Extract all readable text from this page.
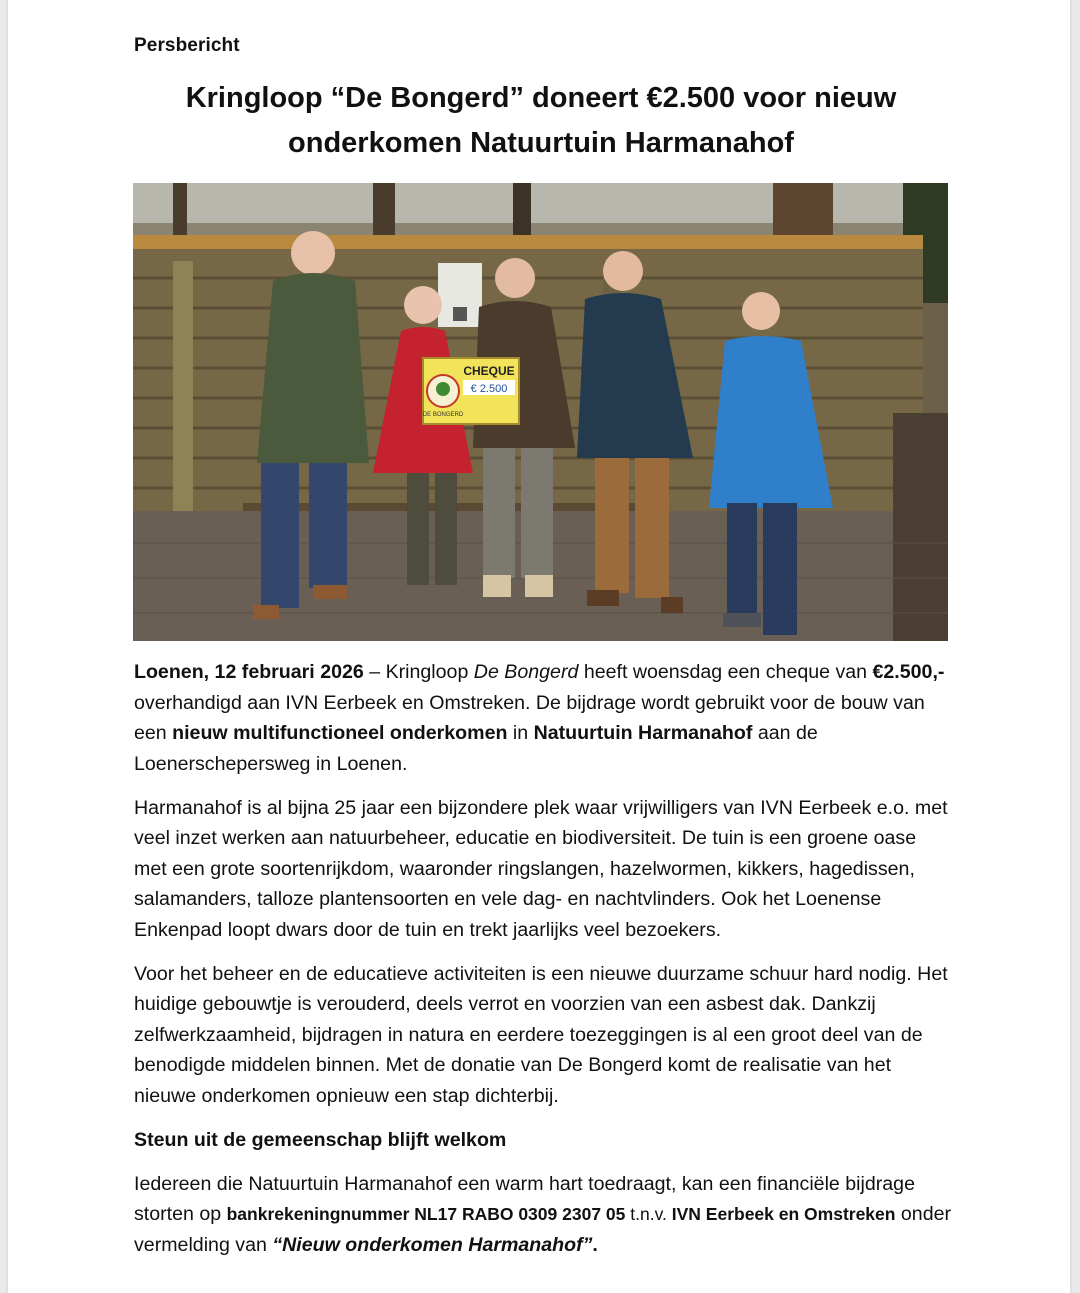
Persbericht
Kringloop “De Bongerd” doneert €2.500 voor nieuw onderkomen Natuurtuin Harmanahof
CHEQUE
€ 2.500
DE BONGERD

Loenen, 12 februari 2026 – Kringloop De Bongerd heeft woensdag een cheque van €2.500,- overhandigd aan IVN Eerbeek en Omstreken. De bijdrage wordt gebruikt voor de bouw van een nieuw multifunctioneel onderkomen in Natuurtuin Harmanahof aan de Loenerschepersweg in Loenen.

Harmanahof is al bijna 25 jaar een bijzondere plek waar vrijwilligers van IVN Eerbeek e.o. met veel inzet werken aan natuurbeheer, educatie en biodiversiteit. De tuin is een groene oase met een grote soortenrijkdom, waaronder ringslangen, hazelwormen, kikkers, hagedissen, salamanders, talloze plantensoorten en vele dag- en nachtvlinders. Ook het Loenense Enkenpad loopt dwars door de tuin en trekt jaarlijks veel bezoekers.

Voor het beheer en de educatieve activiteiten is een nieuwe duurzame schuur hard nodig. Het huidige gebouwtje is verouderd, deels verrot en voorzien van een asbest dak. Dankzij zelfwerkzaamheid, bijdragen in natura en eerdere toezeggingen is al een groot deel van de benodigde middelen binnen. Met de donatie van De Bongerd komt de realisatie van het nieuwe onderkomen opnieuw een stap dichterbij.

Steun uit de gemeenschap blijft welkom

Iedereen die Natuurtuin Harmanahof een warm hart toedraagt, kan een financiële bijdrage storten op bankrekeningnummer NL17 RABO 0309 2307 05 t.n.v. IVN Eerbeek en Omstreken onder vermelding van “Nieuw onderkomen Harmanahof”.
